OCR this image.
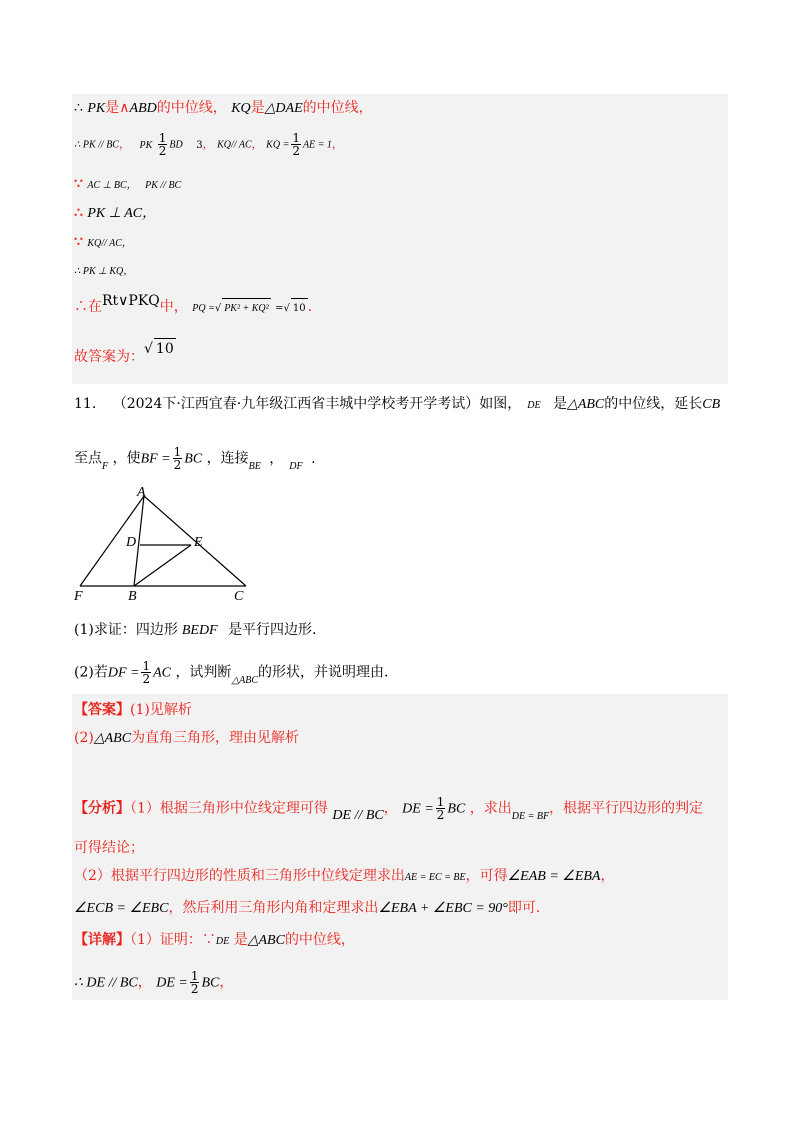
∴ PK是∧ABD的中位线， KQ是△DAE的中位线，
∴ PK // BC， PK $\frac{1}{2}$ BD 3， KQ// AC， KQ = $\frac{1}{2}$ AE = 1，
∵ AC ⊥ BC， PK // BC
∴ PK ⊥ AC，
∵ KQ// AC，
∴ PK ⊥ KQ，
∴在Rt∨PKQ中， PQ =√ PK² + KQ² =√ 10 .
故答案为：√ 10
11. （2024下·江西宜春·九年级江西省丰城中学校考开学考试）如图， DE 是△ABC的中位线，延长CB
至点$_F$ ，使BF = $\frac{1}{2}$ BC ，连接$_{BE}$ ， $_{DF}$ .
A
D	E
F	B	C
(1)求证：四边形 BEDF 是平行四边形.
(2)若DF = $\frac{1}{2}$ AC ，试判断$_{\triangle ABC}$的形状，并说明理由.
【答案】(1)见解析
(2)△ABC为直角三角形，理由见解析
【分析】（1）根据三角形中位线定理可得 DE // BC， DE = $\frac{1}{2}$ BC ，求出$_{DE = BF}$，根据平行四边形的判定
可得结论；
（2）根据平行四边形的性质和三角形中位线定理求出AE = EC = BE，可得∠EAB = ∠EBA，
∠ECB = ∠EBC，然后利用三角形内角和定理求出∠EBA + ∠EBC = 90°即可.
【详解】（1）证明：∵DE 是△ABC的中位线，
∴ DE // BC， DE = $\frac{1}{2}$ BC，
